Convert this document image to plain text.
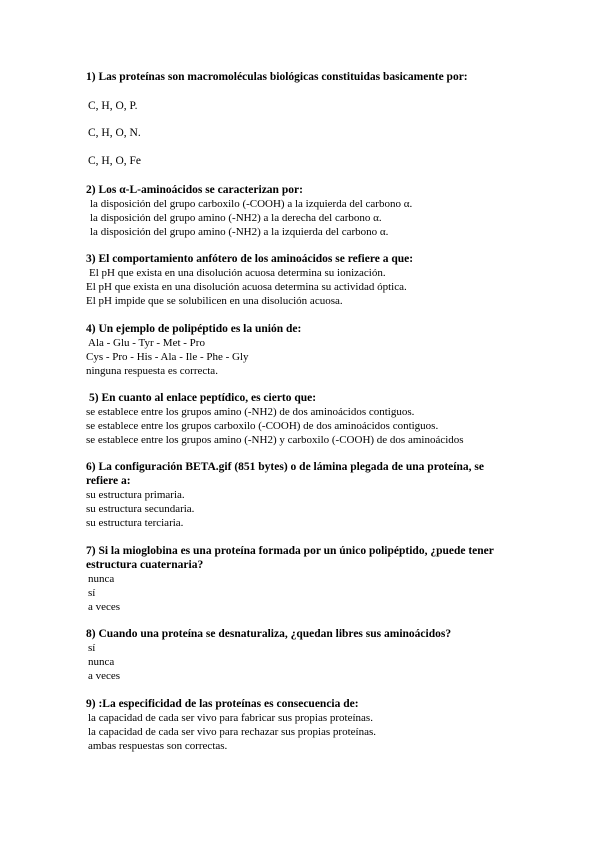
1) Las proteínas son macromoléculas biológicas constituidas basicamente por:

C, H, O, P.
C, H, O, N.
C, H, O, Fe

2) Los α-L-aminoácidos se caracterizan por:

la disposición del grupo carboxilo (-COOH) a la izquierda del carbono α.

la disposición del grupo amino (-NH2) a la derecha del carbono α.

la disposición del grupo amino (-NH2) a la izquierda del carbono α.

3) El comportamiento anfótero de los aminoácidos se refiere a que:

El pH que exista en una disolución acuosa determina su ionización.

El pH que exista en una disolución acuosa determina su actividad óptica.

El pH impide que se solubilicen en una disolución acuosa.

4) Un ejemplo de polipéptido es la unión de:

Ala - Glu - Tyr - Met - Pro

Cys - Pro - His - Ala - Ile - Phe - Gly

ninguna respuesta es correcta.

5) En cuanto al enlace peptídico, es cierto que:

se establece entre los grupos amino (-NH2) de dos aminoácidos contiguos.

se establece entre los grupos carboxilo (-COOH) de dos aminoácidos contiguos.

se establece entre los grupos amino (-NH2) y carboxilo (-COOH) de dos aminoácidos

6) La configuración BETA.gif (851 bytes) o de lámina plegada de una proteína, se refiere a:

su estructura primaria.

su estructura secundaria.

su estructura terciaria.

7) Si la mioglobina es una proteína formada por un único polipéptido, ¿puede tener estructura cuaternaria?

nunca

sí

a veces

8) Cuando una proteína se desnaturaliza, ¿quedan libres sus aminoácidos?

sí

nunca

a veces

9) :La especificidad de las proteínas es consecuencia de:

la capacidad de cada ser vivo para fabricar sus propias proteínas.

la capacidad de cada ser vivo para rechazar sus propias proteínas.

ambas respuestas son correctas.
